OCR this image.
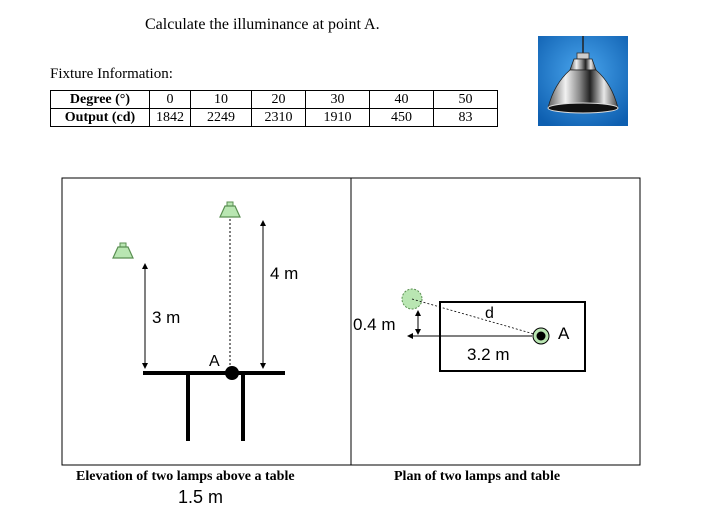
Calculate the illuminance at point A.
Fixture Information:
Degree (°)	0	10	20	30	40	50
Output (cd)	1842	2249	2310	1910	450	83
3 m
4 m
A
Elevation of two lamps above a table
1.5 m
0.4 m
d
3.2 m
A
Plan of two lamps and table
